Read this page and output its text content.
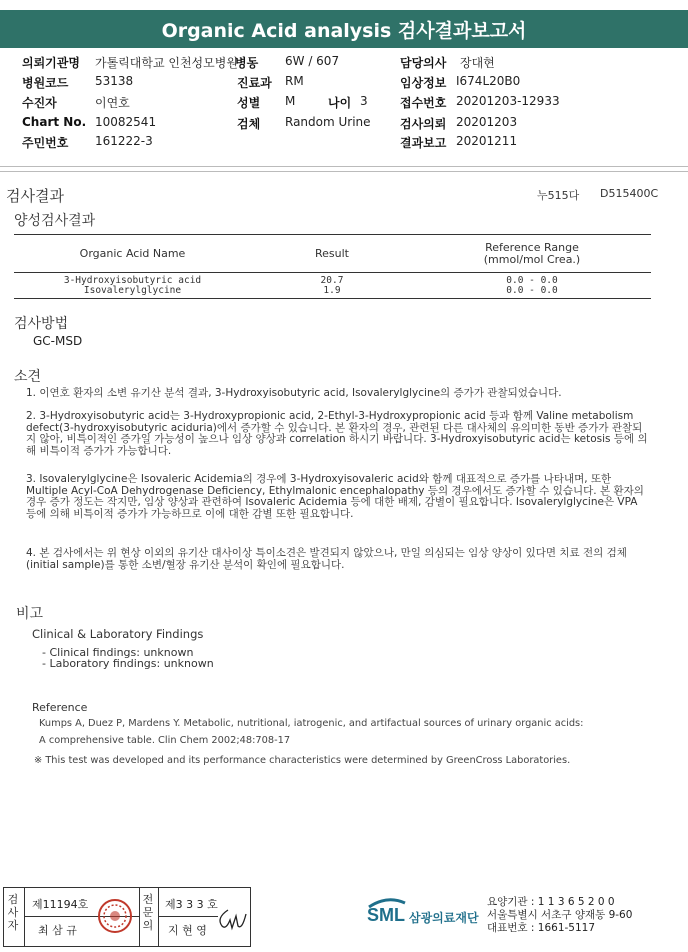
Organic Acid analysis 검사결과보고서
의뢰기관명 가톨릭대학교 인천성모병원
병동 6W / 607	담당의사 장대현
병원코드 53138	진료과 RM	임상정보 I674L20B0
수진자	이연호	성별 M	나이 3	접수번호 20201203-12933
Chart No. 10082541	검체 Random Urine 검사의뢰 20201203
주민번호 161222-3	결과보고 20201211
검사결과	누515다 D515400C
양성검사결과
Organic Acid Name	Result	Reference Range
(mmol/mol Crea.)
3-Hydroxyisobutyric acid	20.7	0.0 - 0.0
Isovalerylglycine	1.9	0.0 - 0.0
검사방법
GC-MSD
소견
1. 이연호 환자의 소변 유기산 분석 결과, 3-Hydroxyisobutyric acid, Isovalerylglycine의 증가가 관찰되었습니다.
2. 3-Hydroxyisobutyric acid는 3-Hydroxypropionic acid, 2-Ethyl-3-Hydroxypropionic acid 등과 함께 Valine metabolism defect(3-hydroxyisobutyric aciduria)에서 증가할 수 있습니다. 본 환자의 경우, 관련된 다른 대사체의 유의미한 동반 증가가 관찰되지 않아, 비특이적인 증가일 가능성이 높으나 임상 양상과 correlation 하시기 바랍니다. 3-Hydroxyisobutyric acid는 ketosis 등에 의해 비특이적 증가가 가능합니다.
3. Isovalerylglycine은 Isovaleric Acidemia의 경우에 3-Hydroxyisovaleric acid와 함께 대표적으로 증가를 나타내며, 또한 Multiple Acyl-CoA Dehydrogenase Deficiency, Ethylmalonic encephalopathy 등의 경우에서도 증가할 수 있습니다. 본 환자의 경우 증가 정도는 작지만, 임상 양상과 관련하여 Isovaleric Acidemia 등에 대한 배제, 감별이 필요합니다. Isovalerylglycine은 VPA 등에 의해 비특이적 증가가 가능하므로 이에 대한 감별 또한 필요합니다.
4. 본 검사에서는 위 현상 이외의 유기산 대사이상 특이소견은 발견되지 않았으나, 만일 의심되는 임상 양상이 있다면 치료 전의 검체 (initial sample)를 통한 소변/혈장 유기산 분석이 확인에 필요합니다.
비고
Clinical & Laboratory Findings
- Clinical findings: unknown
- Laboratory findings: unknown
Reference
Kumps A, Duez P, Mardens Y. Metabolic, nutritional, iatrogenic, and artifactual sources of urinary organic acids:
A comprehensive table. Clin Chem 2002;48:708-17
※ This test was developed and its performance characteristics were determined by GreenCross Laboratories.
검
사
자
제11194호
최 삼 규
전
문
의
제3 3 3 호
지 현 영
SML 삼광의료재단
요양기관 : 1 1 3 6 5 2 0 0
서울특별시 서초구 양재동 9-60
대표번호 : 1661-5117
